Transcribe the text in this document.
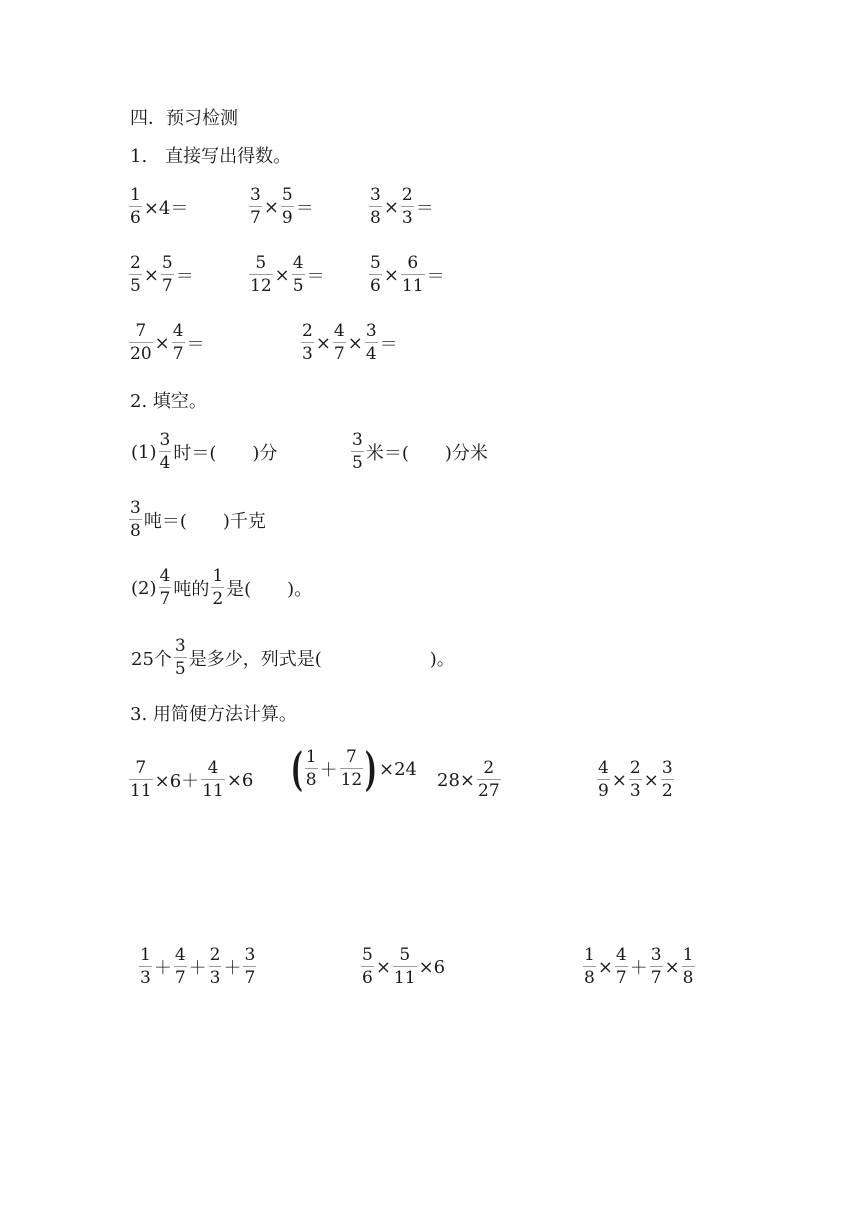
四．预习检测
1.　直接写出得数。
$\frac{1}{6} \times 4=$	$\frac{3}{7} \times \frac{5}{9}$ ＝	$\frac{3}{8} \times \frac{2}{3}$ ＝
$\frac{2}{5} \times \frac{5}{7}$ ＝	$\frac{5}{12} \times \frac{4}{5}$ ＝	$\frac{5}{6} \times \frac{6}{11}$ ＝
$\frac{7}{20} \times \frac{4}{7}$ ＝	$\frac{2}{3} \times \frac{4}{7} \times \frac{3}{4}$ ＝
2. 填空。
$(1) \frac{3}{4}$ 时＝(　　)分	$\frac{3}{5}$ 米＝(　　)分米
$\frac{3}{8}$ 吨＝(　　)千克
$(2) \frac{4}{7}$ 吨的 $\frac{1}{2}$ 是(　　)。
25个 $\frac{3}{5}$ 是多少，列式是(　　　　　　)。
3. 用简便方法计算。
$\frac{7}{11} \times 6+ \frac{4}{11} \times 6$ ( $\frac{1}{8} + \frac{7}{12}$ ) ×24
$28\times \frac{2}{27}$	$\frac{4}{9} \times \frac{2}{3} \times \frac{3}{2}$
$\frac{1}{3} + \frac{4}{7} + \frac{2}{3} + \frac{3}{7}$	$\frac{5}{6} \times \frac{5}{11} \times 6$	$\frac{1}{8} \times \frac{4}{7} + \frac{3}{7} \times \frac{1}{8}$
